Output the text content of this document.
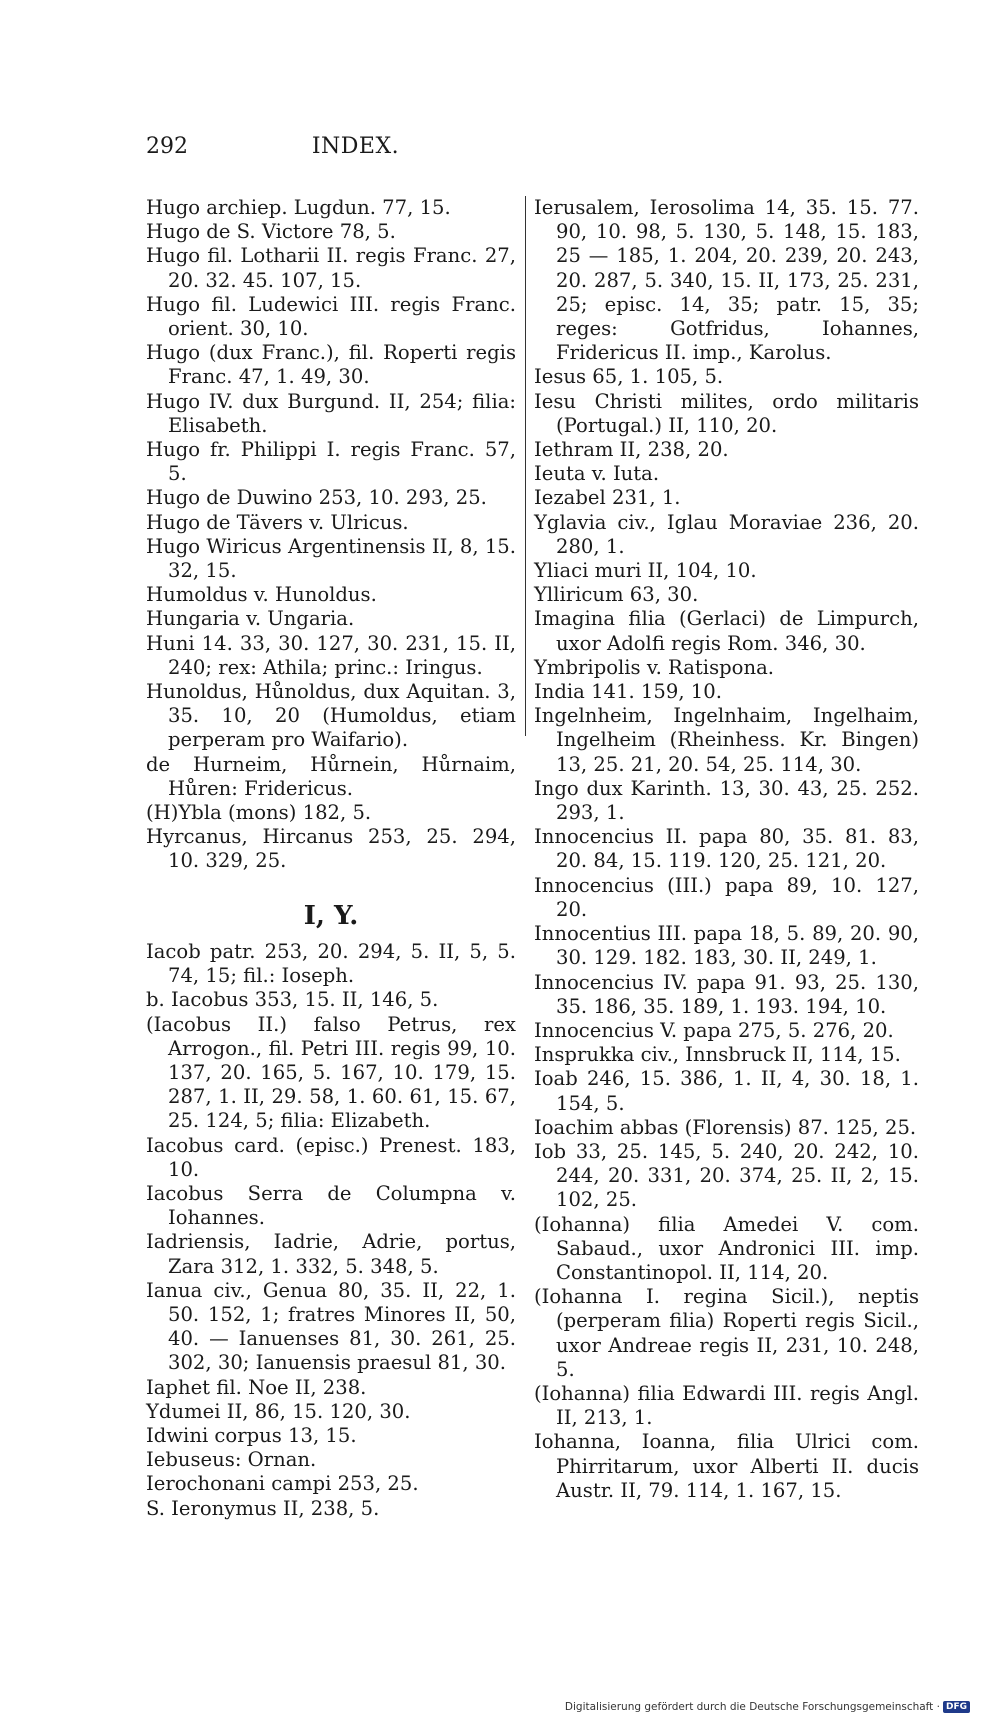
292	INDEX.

Hugo archiep. Lugdun. 77, 15.

Hugo de S. Victore 78, 5.

Hugo fil. Lotharii II. regis Franc. 27, 20. 32. 45. 107, 15.

Hugo fil. Ludewici III. regis Franc. orient. 30, 10.

Hugo (dux Franc.), fil. Roperti regis Franc. 47, 1. 49, 30.

Hugo IV. dux Burgund. II, 254; filia: Elisabeth.

Hugo fr. Philippi I. regis Franc. 57, 5.

Hugo de Duwino 253, 10. 293, 25.

Hugo de Tävers v. Ulricus.

Hugo Wiricus Argentinensis II, 8, 15. 32, 15.

Humoldus v. Hunoldus.

Hungaria v. Ungaria.

Huni 14. 33, 30. 127, 30. 231, 15. II, 240; rex: Athila; princ.: Iringus.

Hunoldus, Hůnoldus, dux Aquitan. 3, 35. 10, 20 (Humoldus, etiam perperam pro Waifario).

de Hurneim, Hůrnein, Hůrnaim, Hůren: Fridericus.

(H)Ybla (mons) 182, 5.

Hyrcanus, Hircanus 253, 25. 294, 10. 329, 25.

I, Y.

Iacob patr. 253, 20. 294, 5. II, 5, 5. 74, 15; fil.: Ioseph.

b. Iacobus 353, 15. II, 146, 5.

(Iacobus II.) falso Petrus, rex Arrogon., fil. Petri III. regis 99, 10. 137, 20. 165, 5. 167, 10. 179, 15. 287, 1. II, 29. 58, 1. 60. 61, 15. 67, 25. 124, 5; filia: Elizabeth.

Iacobus card. (episc.) Prenest. 183, 10.

Iacobus Serra de Columpna v. Iohannes.

Iadriensis, Iadrie, Adrie, portus, Zara 312, 1. 332, 5. 348, 5.

Ianua civ., Genua 80, 35. II, 22, 1. 50. 152, 1; fratres Minores II, 50, 40. — Ianuenses 81, 30. 261, 25. 302, 30; Ianuensis praesul 81, 30.

Iaphet fil. Noe II, 238.

Ydumei II, 86, 15. 120, 30.

Idwini corpus 13, 15.

Iebuseus: Ornan.

Ierochonani campi 253, 25.

S. Ieronymus II, 238, 5.

Ierusalem, Ierosolima 14, 35. 15. 77. 90, 10. 98, 5. 130, 5. 148, 15. 183, 25 — 185, 1. 204, 20. 239, 20. 243, 20. 287, 5. 340, 15. II, 173, 25. 231, 25; episc. 14, 35; patr. 15, 35; reges: Gotfridus, Iohannes, Fridericus II. imp., Karolus.

Iesus 65, 1. 105, 5.

Iesu Christi milites, ordo militaris (Portugal.) II, 110, 20.

Iethram II, 238, 20.

Ieuta v. Iuta.

Iezabel 231, 1.

Yglavia civ., Iglau Moraviae 236, 20. 280, 1.

Yliaci muri II, 104, 10.

Ylliricum 63, 30.

Imagina filia (Gerlaci) de Limpurch, uxor Adolfi regis Rom. 346, 30.

Ymbripolis v. Ratispona.

India 141. 159, 10.

Ingelnheim, Ingelnhaim, Ingelhaim, Ingelheim (Rheinhess. Kr. Bingen) 13, 25. 21, 20. 54, 25. 114, 30.

Ingo dux Karinth. 13, 30. 43, 25. 252. 293, 1.

Innocencius II. papa 80, 35. 81. 83, 20. 84, 15. 119. 120, 25. 121, 20.

Innocencius (III.) papa 89, 10. 127, 20.

Innocentius III. papa 18, 5. 89, 20. 90, 30. 129. 182. 183, 30. II, 249, 1.

Innocencius IV. papa 91. 93, 25. 130, 35. 186, 35. 189, 1. 193. 194, 10.

Innocencius V. papa 275, 5. 276, 20.

Insprukka civ., Innsbruck II, 114, 15.

Ioab 246, 15. 386, 1. II, 4, 30. 18, 1. 154, 5.

Ioachim abbas (Florensis) 87. 125, 25.

Iob 33, 25. 145, 5. 240, 20. 242, 10. 244, 20. 331, 20. 374, 25. II, 2, 15. 102, 25.

(Iohanna) filia Amedei V. com. Sabaud., uxor Andronici III. imp. Constantinopol. II, 114, 20.

(Iohanna I. regina Sicil.), neptis (perperam filia) Roperti regis Sicil., uxor Andreae regis II, 231, 10. 248, 5.

(Iohanna) filia Edwardi III. regis Angl. II, 213, 1.

Iohanna, Ioanna, filia Ulrici com. Phirritarum, uxor Alberti II. ducis Austr. II, 79. 114, 1. 167, 15.

Digitalisierung gefördert durch die Deutsche Forschungsgemeinschaft · DFG
